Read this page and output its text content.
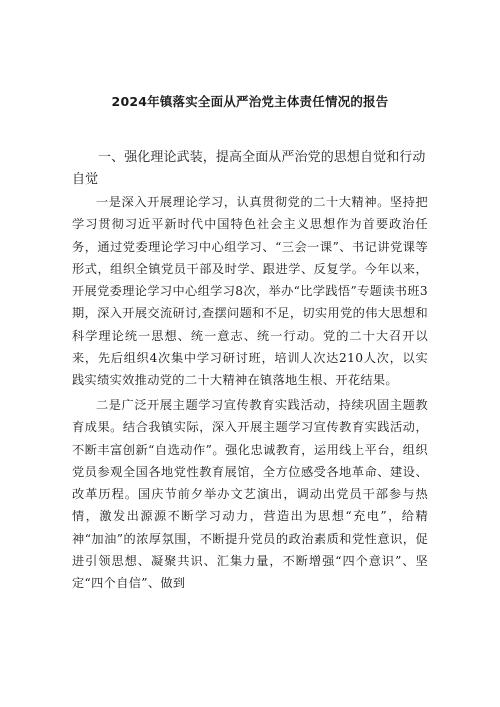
2024年镇落实全面从严治党主体责任情况的报告
一、强化理论武装，提高全面从严治党的思想自觉和行动自觉

一是深入开展理论学习，认真贯彻党的二十大精神。坚持把学习贯彻习近平新时代中国特色社会主义思想作为首要政治任务，通过党委理论学习中心组学习、“三会一课”、书记讲党课等形式，组织全镇党员干部及时学、跟进学、反复学。今年以来，开展党委理论学习中心组学习8次，举办“比学践悟”专题读书班3期，深入开展交流研讨,查摆问题和不足，切实用党的伟大思想和科学理论统一思想、统一意志、统一行动。党的二十大召开以来，先后组织4次集中学习研讨班，培训人次达210人次，以实践实绩实效推动党的二十大精神在镇落地生根、开花结果。

二是广泛开展主题学习宣传教育实践活动，持续巩固主题教育成果。结合我镇实际，深入开展主题学习宣传教育实践活动，不断丰富创新“自选动作”。强化忠诚教育，运用线上平台，组织党员参观全国各地党性教育展馆，全方位感受各地革命、建设、改革历程。国庆节前夕举办文艺演出，调动出党员干部参与热情，激发出源源不断学习动力，营造出为思想“充电”，给精神“加油”的浓厚氛围，不断提升党员的政治素质和党性意识，促进引领思想、凝聚共识、汇集力量，不断增强“四个意识”、坚定“四个自信”、做到
